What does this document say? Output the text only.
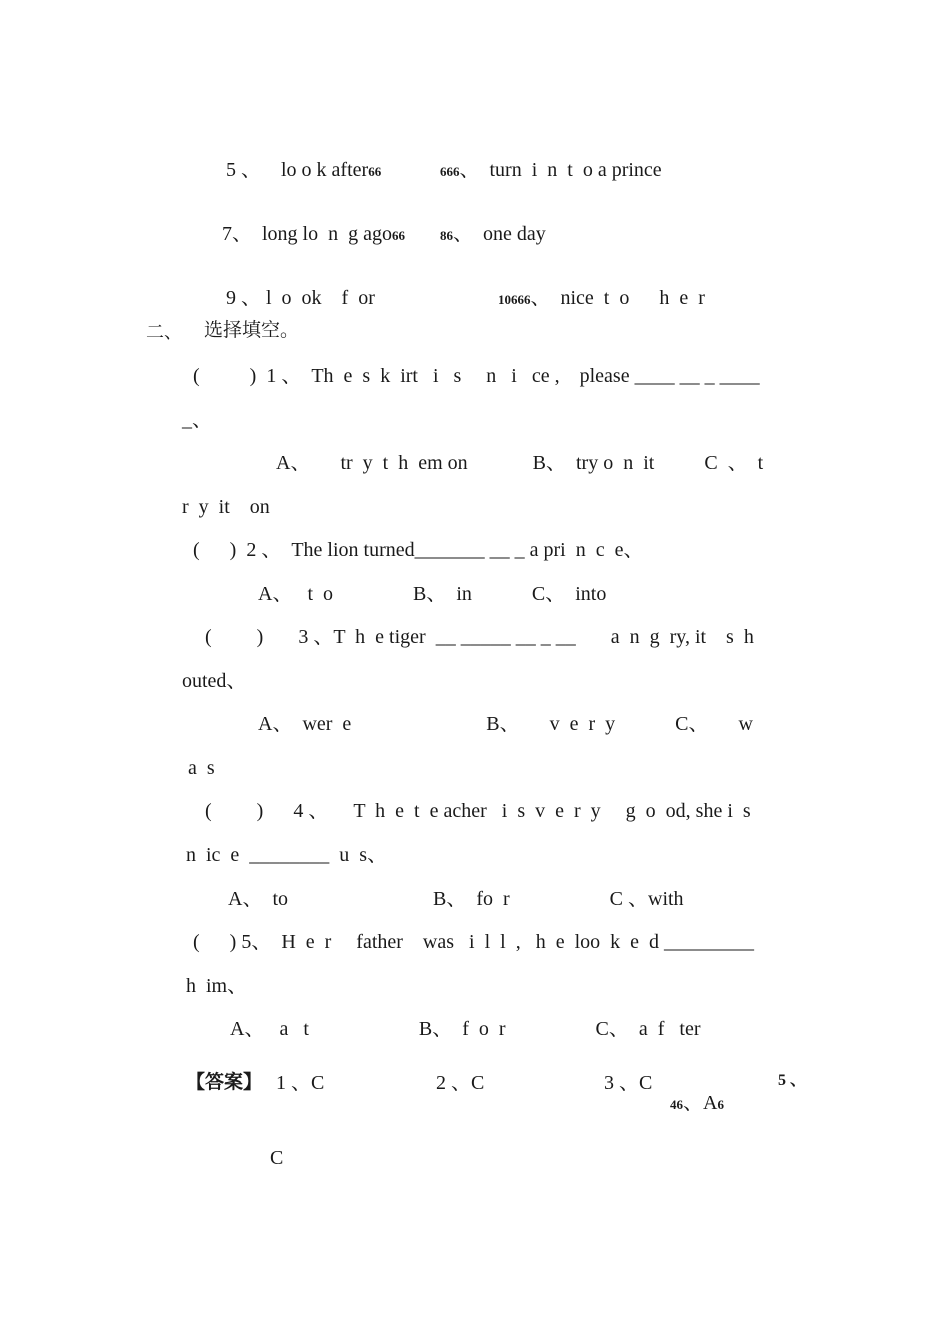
5 、    lo o k after66	666、  turn  i  n  t  o a prince

7、  long lo  n  g ago66	86、  one day

9 、 l  o  ok    f  or	10666、  nice  t  o      h  e  r

二、 选择填空。
(          )  1 、  Th  e  s  k  irt   i   s     n   i   ce ,    please ____ __ _ ____
_、
A、      tr  y  t  h  em on             B、  try o  n  it          C  、  t
r  y  it    on
(      )  2 、  The lion turned_______ __ _ a pri  n  c  e、
A、   t  o                B、  in            C、  into
(         )       3 、T  h  e tiger  __ _____ __ _ __       a  n  g  ry, it    s  h
outed、
A、  wer  e                           B、      v  e  r  y            C、      w
a  s
(         )      4 、     T  h  e  t  e acher   i  s  v  e  r  y     g  o  od, she i  s
n  ic  e  ________  u  s、
A、  to                             B、  fo  r                    C 、with
(      ) 5、  H  e  r     father    was   i  l  l  ,   h  e  loo  k  e  d _________
h  im、
A、   a   t                      B、  f  o  r                  C、  a  f   ter
【答案】 1 、C	2 、C	3 、C

46、A6

5 、
C
